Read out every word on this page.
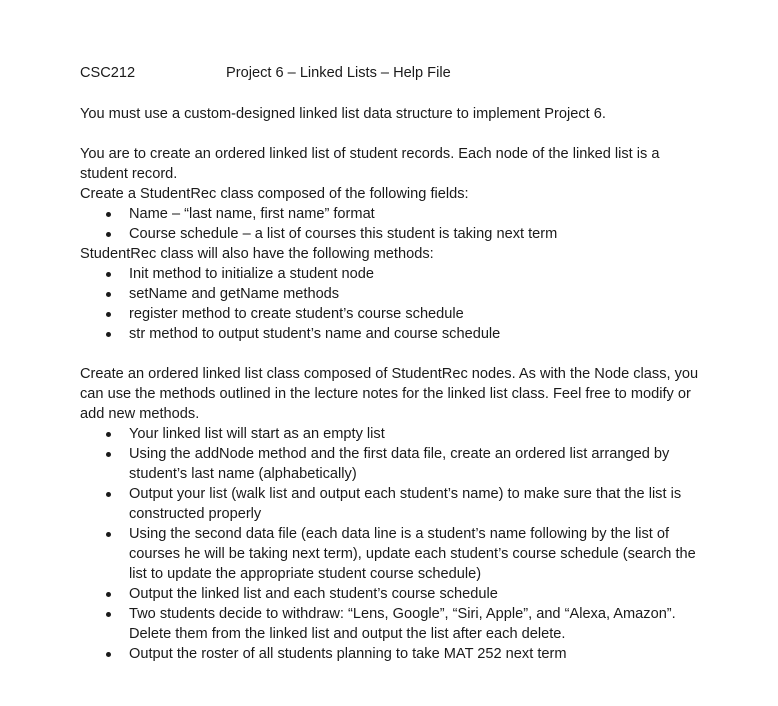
CSC212	Project 6 – Linked Lists – Help File

You must use a custom-designed linked list data structure to implement Project 6.

You are to create an ordered linked list of student records. Each node of the linked list is a student record.

Create a StudentRec class composed of the following fields:

Name – “last name, first name” format
Course schedule – a list of courses this student is taking next term

StudentRec class will also have the following methods:

Init method to initialize a student node
setName and getName methods
register method to create student’s course schedule
str method to output student’s name and course schedule

Create an ordered linked list class composed of StudentRec nodes. As with the Node class, you can use the methods outlined in the lecture notes for the linked list class. Feel free to modify or add new methods.

Your linked list will start as an empty list
Using the addNode method and the first data file, create an ordered list arranged by student’s last name (alphabetically)
Output your list (walk list and output each student’s name) to make sure that the list is constructed properly
Using the second data file (each data line is a student’s name following by the list of courses he will be taking next term), update each student’s course schedule (search the list to update the appropriate student course schedule)
Output the linked list and each student’s course schedule
Two students decide to withdraw: “Lens, Google”, “Siri, Apple”, and “Alexa, Amazon”. Delete them from the linked list and output the list after each delete.
Output the roster of all students planning to take MAT 252 next term
